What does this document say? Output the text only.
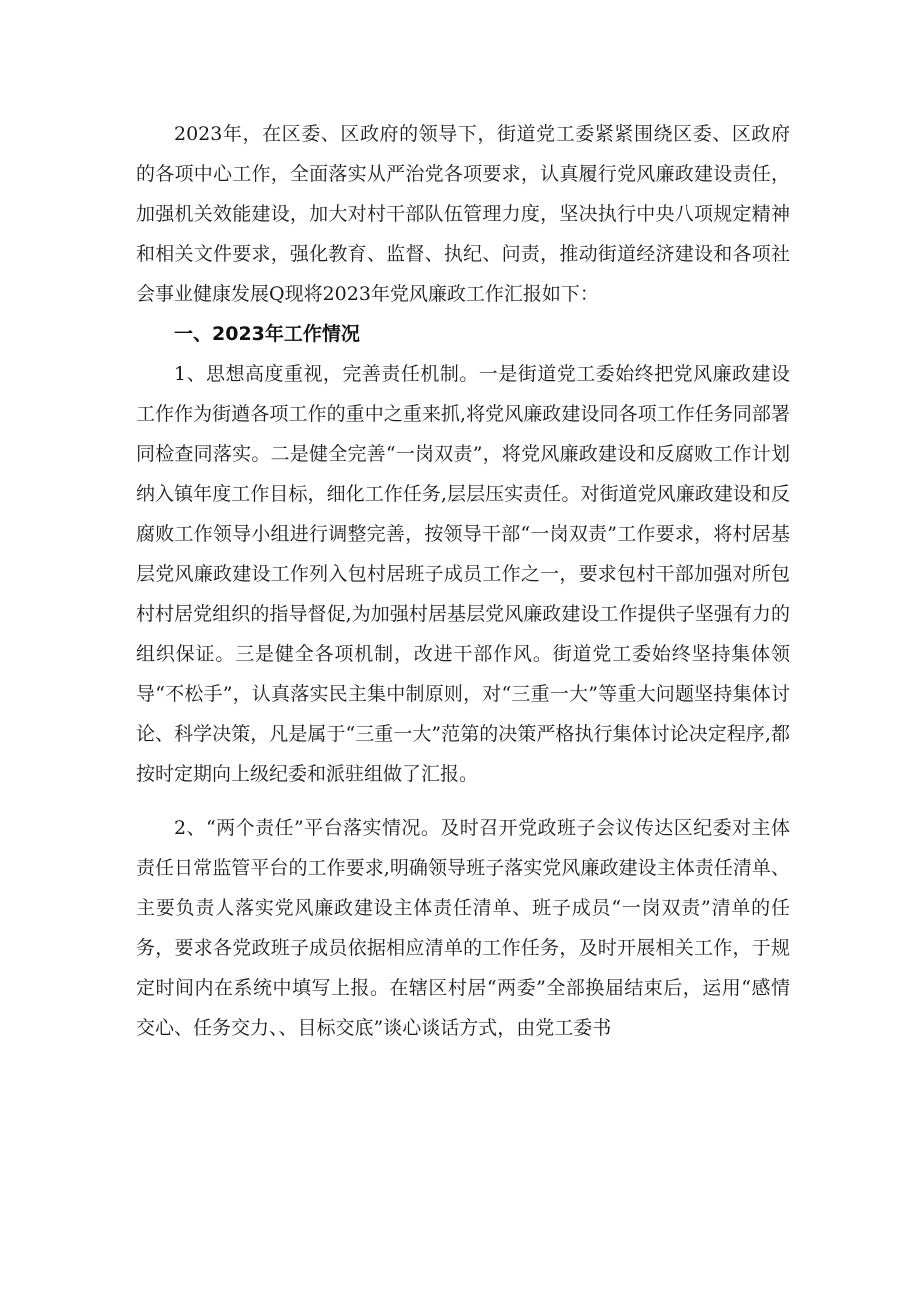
2023年，在区委、区政府的领导下，街道党工委紧紧围绕区委、区政府的各项中心工作，全面落实从严治党各项要求，认真履行党风廉政建设责任，加强机关效能建设，加大对村干部队伍管理力度，坚决执行中央八项规定精神和相关文件要求，强化教育、监督、执纪、问责，推动街道经济建设和各项社会事业健康发展Q现将2023年党风廉政工作汇报如下：

一、2023年工作情况

1、思想高度重视，完善责任机制。一是街道党工委始终把党风廉政建设工作作为街遒各项工作的重中之重来抓,将党风廉政建设同各项工作任务同部署同检查同落实。二是健全完善“一岗双责”，将党风廉政建设和反腐败工作计划纳入镇年度工作目标，细化工作任务,层层压实责任。对街道党风廉政建设和反腐败工作领导小组进行调整完善，按领导干部“一岗双责”工作要求，将村居基层党风廉政建设工作列入包村居班子成员工作之一，要求包村干部加强对所包村村居党组织的指导督促,为加强村居基层党风廉政建设工作提供子坚强有力的组织保证。三是健全各项机制，改进干部作风。街道党工委始终坚持集体领导“不松手”，认真落实民主集中制原则，对“三重一大”等重大问题坚持集体讨论、科学决策，凡是属于“三重一大”范第的决策严格执行集体讨论决定程序,都按时定期向上级纪委和派驻组做了汇报。

2、“两个责任”平台落实情况。及时召开党政班子会议传达区纪委对主体责任日常监管平台的工作要求,明确领导班子落实党风廉政建设主体责任清单、主要负责人落实党风廉政建设主体责任清单、班子成员“一岗双责”清单的任务，要求各党政班子成员依据相应清单的工作任务，及时开展相关工作，于规定时间内在系统中填写上报。在辖区村居“两委”全部换届结束后，运用“感情交心、任务交力、、目标交底”谈心谈话方式，由党工委书
